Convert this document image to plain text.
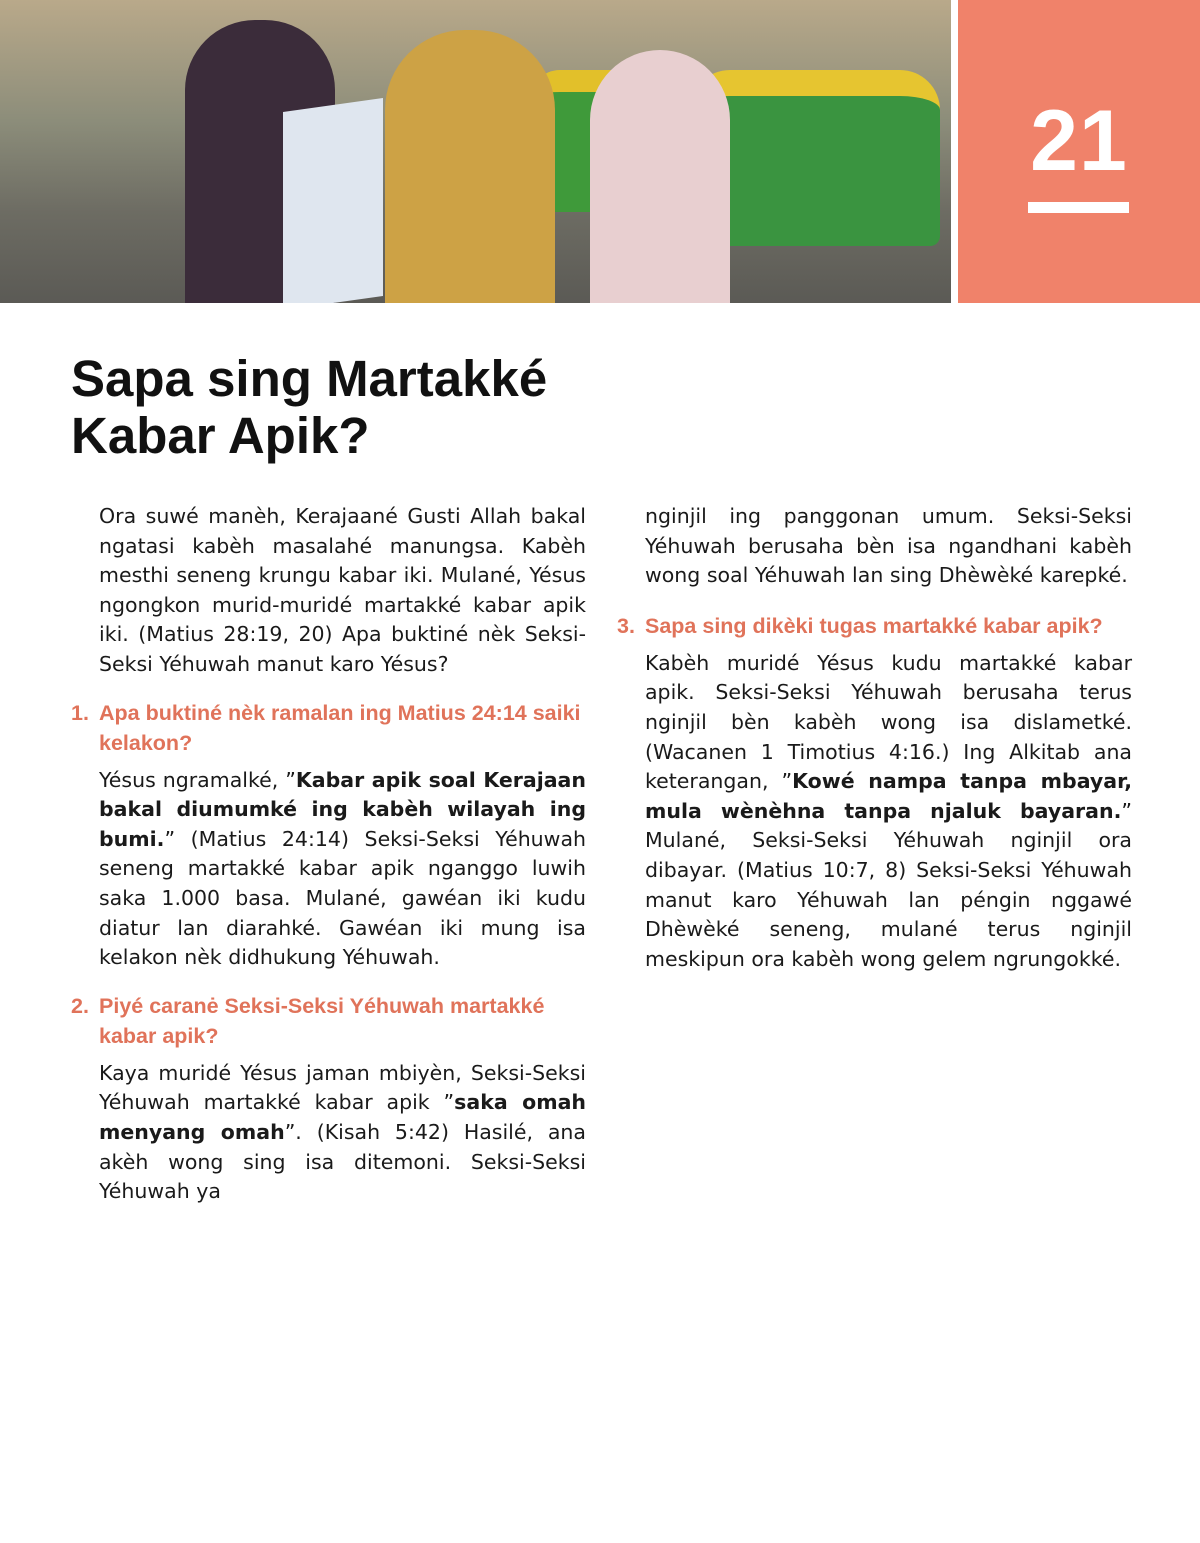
21
Sapa sing Martakké Kabar Apik?

Ora suwé manèh, Kerajaané Gusti Allah bakal ngatasi kabèh masalahé manungsa. Kabèh mesthi seneng krungu kabar iki. Mulané, Yésus ngongkon murid-muridé martakké kabar apik iki. (Matius 28:19, 20) Apa buktiné nèk Seksi-Seksi Yéhuwah manut karo Yésus?

1. Apa buktiné nèk ramalan ing Matius 24:14 saiki kelakon?

Yésus ngramalké, ”Kabar apik soal Kerajaan bakal diumumké ing kabèh wilayah ing bumi.” (Matius 24:14) Seksi-Seksi Yéhuwah seneng martakké kabar apik nganggo luwih saka 1.000 basa. Mulané, gawéan iki kudu diatur lan diarahké. Gawéan iki mung isa kelakon nèk didhukung Yéhuwah.

2. Piyé caranė Seksi-Seksi Yéhuwah martakké kabar apik?

Kaya muridé Yésus jaman mbiyèn, Seksi-Seksi Yéhuwah martakké kabar apik ”saka omah menyang omah”. (Kisah 5:42) Hasilé, ana akèh wong sing isa ditemoni. Seksi-Seksi Yéhuwah ya

nginjil ing panggonan umum. Seksi-Seksi Yéhuwah berusaha bèn isa ngandhani kabèh wong soal Yéhuwah lan sing Dhèwèké karepké.

3. Sapa sing dikèki tugas martakké kabar apik?

Kabèh muridé Yésus kudu martakké kabar apik. Seksi-Seksi Yéhuwah berusaha terus nginjil bèn kabèh wong isa dislametké. (Wacanen 1 Timotius 4:16.) Ing Alkitab ana keterangan, ”Kowé nampa tanpa mbayar, mula wènèhna tanpa njaluk bayaran.” Mulané, Seksi-Seksi Yéhuwah nginjil ora dibayar. (Matius 10:7, 8) Seksi-Seksi Yéhuwah manut karo Yéhuwah lan péngin nggawé Dhèwèké seneng, mulané terus nginjil meskipun ora kabèh wong gelem ngrungokké.
